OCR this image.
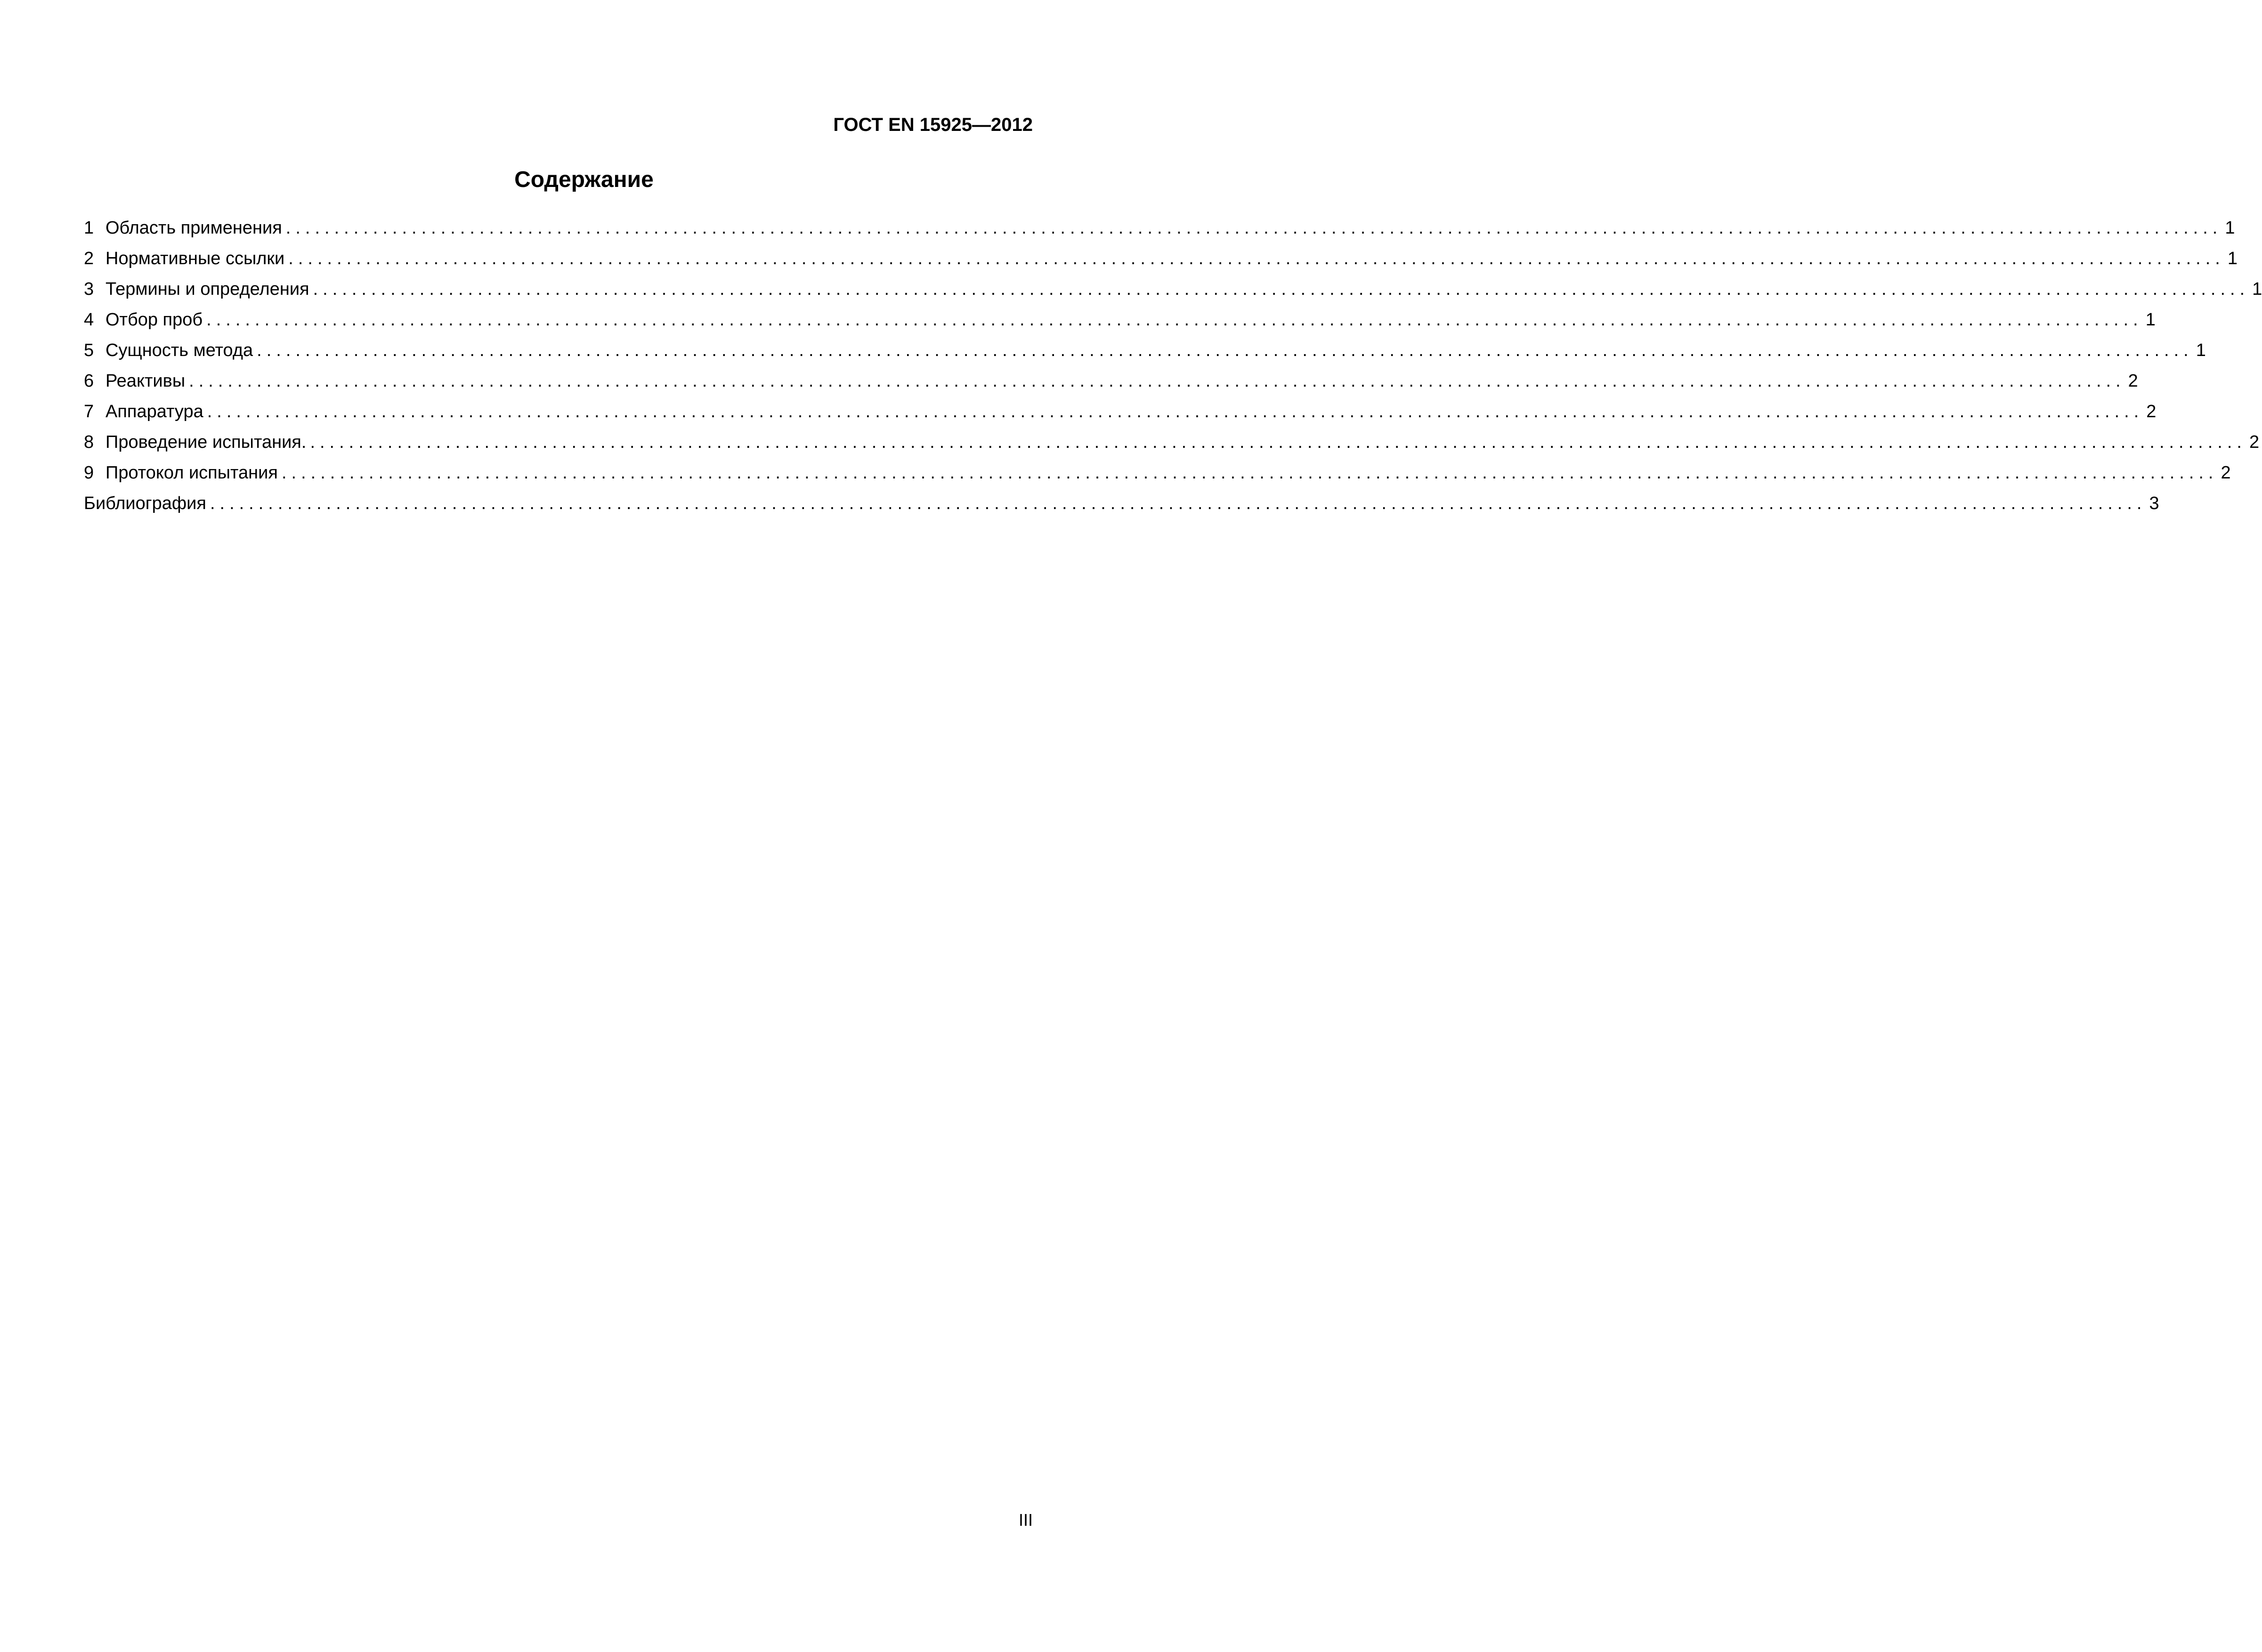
ГОСТ EN 15925—2012
Содержание
1 Область применения ........................................................................................................................................................................................................ 1
2 Нормативные ссылки ........................................................................................................................................................................................................ 1
3 Термины и определения ........................................................................................................................................................................................................ 1
4 Отбор проб ........................................................................................................................................................................................................ 1
5 Сущность метода ........................................................................................................................................................................................................ 1
6 Реактивы ........................................................................................................................................................................................................ 2
7 Аппаратура ........................................................................................................................................................................................................ 2
8 Проведение испытания. ........................................................................................................................................................................................................ 2
9 Протокол испытания ........................................................................................................................................................................................................ 2
Библиография ........................................................................................................................................................................................................ 3
III
